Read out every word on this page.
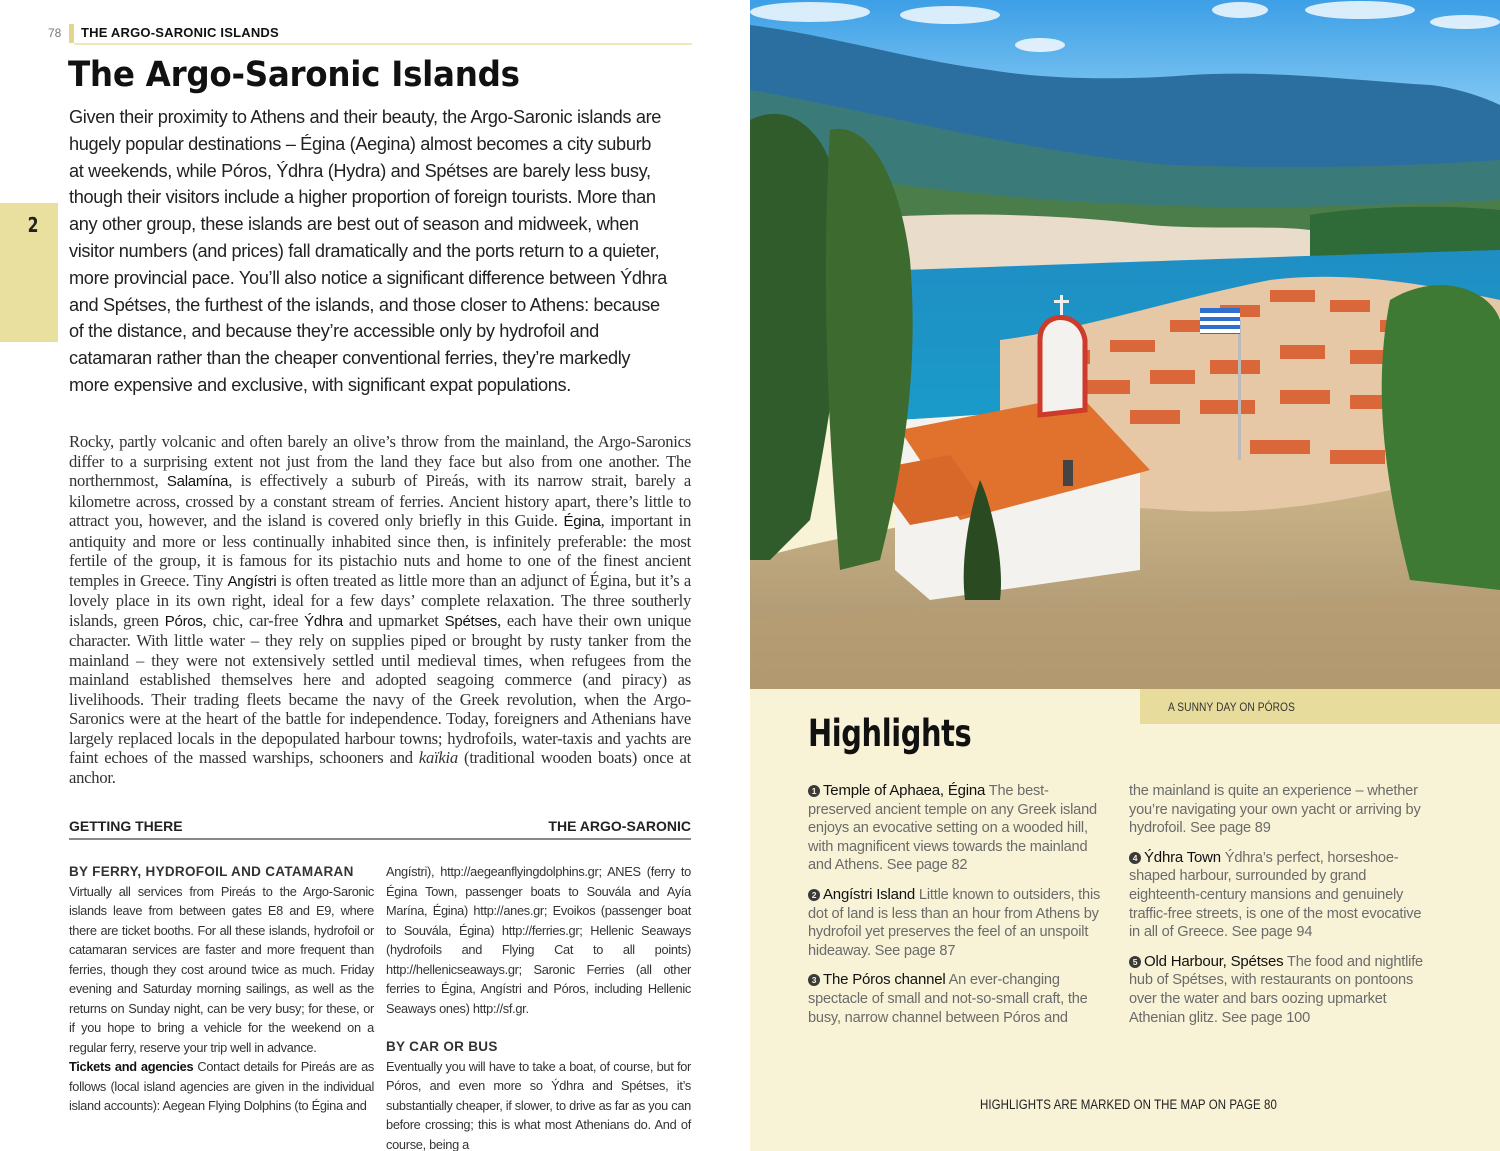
78 THE ARGO-SARONIC ISLANDS
2
The Argo-Saronic Islands

Given their proximity to Athens and their beauty, the Argo-Saronic islands are hugely popular destinations – Égina (Aegina) almost becomes a city suburb at weekends, while Póros, Ýdhra (Hydra) and Spétses are barely less busy, though their visitors include a higher proportion of foreign tourists. More than any other group, these islands are best out of season and midweek, when visitor numbers (and prices) fall dramatically and the ports return to a quieter, more provincial pace. You’ll also notice a significant difference between Ýdhra and Spétses, the furthest of the islands, and those closer to Athens: because of the distance, and because they’re accessible only by hydrofoil and catamaran rather than the cheaper conventional ferries, they’re markedly more expensive and exclusive, with significant expat populations.

Rocky, partly volcanic and often barely an olive’s throw from the mainland, the Argo-Saronics differ to a surprising extent not just from the land they face but also from one another. The northernmost, Salamína, is effectively a suburb of Pireás, with its narrow strait, barely a kilometre across, crossed by a constant stream of ferries. Ancient history apart, there’s little to attract you, however, and the island is covered only briefly in this Guide. Égina, important in antiquity and more or less continually inhabited since then, is infinitely preferable: the most fertile of the group, it is famous for its pistachio nuts and home to one of the finest ancient temples in Greece. Tiny Angístri is often treated as little more than an adjunct of Égina, but it’s a lovely place in its own right, ideal for a few days’ complete relaxation. The three southerly islands, green Póros, chic, car-free Ýdhra and upmarket Spétses, each have their own unique character. With little water – they rely on supplies piped or brought by rusty tanker from the mainland – they were not extensively settled until medieval times, when refugees from the mainland established themselves here and adopted seagoing commerce (and piracy) as livelihoods. Their trading fleets became the navy of the Greek revolution, when the Argo-Saronics were at the heart of the battle for independence. Today, foreigners and Athenians have largely replaced locals in the depopulated harbour towns; hydrofoils, water-taxis and yachts are faint echoes of the massed warships, schooners and kaïkia (traditional wooden boats) once at anchor.

GETTING THERE	THE ARGO-SARONIC
BY FERRY, HYDROFOIL AND CATAMARAN
Virtually all services from Pireás to the Argo-Saronic islands leave from between gates E8 and E9, where there are ticket booths. For all these islands, hydrofoil or catamaran services are faster and more frequent than ferries, though they cost around twice as much. Friday evening and Saturday morning sailings, as well as the returns on Sunday night, can be very busy; for these, or if you hope to bring a vehicle for the weekend on a regular ferry, reserve your trip well in advance.
Tickets and agencies Contact details for Pireás are as follows (local island agencies are given in the individual island accounts): Aegean Flying Dolphins (to Égina and
Angístri), http://aegeanflyingdolphins.gr; ANES (ferry to Égina Town, passenger boats to Souvála and Ayía Marína, Égina) http://anes.gr; Evoikos (passenger boat to Souvála, Égina) http://ferries.gr; Hellenic Seaways (hydrofoils and Flying Cat to all points) http://hellenicseaways.gr; Saronic Ferries (all other ferries to Égina, Angístri and Póros, including Hellenic Seaways ones) http://sf.gr.
BY CAR OR BUS
Eventually you will have to take a boat, of course, but for Póros, and even more so Ýdhra and Spétses, it’s substantially cheaper, if slower, to drive as far as you can before crossing; this is what most Athenians do. And of course, being a
A SUNNY DAY ON PÓROS
Highlights
1 Temple of Aphaea, Égina The best-preserved ancient temple on any Greek island enjoys an evocative setting on a wooded hill, with magnificent views towards the mainland and Athens. See page 82
2 Angístri Island Little known to outsiders, this dot of land is less than an hour from Athens by hydrofoil yet preserves the feel of an unspoilt hideaway. See page 87
3 The Póros channel An ever-changing spectacle of small and not-so-small craft, the busy, narrow channel between Póros and
the mainland is quite an experience – whether you’re navigating your own yacht or arriving by hydrofoil. See page 89
4 Ýdhra Town Ýdhra’s perfect, horseshoe-shaped harbour, surrounded by grand eighteenth-century mansions and genuinely traffic-free streets, is one of the most evocative in all of Greece. See page 94
5 Old Harbour, Spétses The food and nightlife hub of Spétses, with restaurants on pontoons over the water and bars oozing upmarket Athenian glitz. See page 100
HIGHLIGHTS ARE MARKED ON THE MAP ON PAGE 80
